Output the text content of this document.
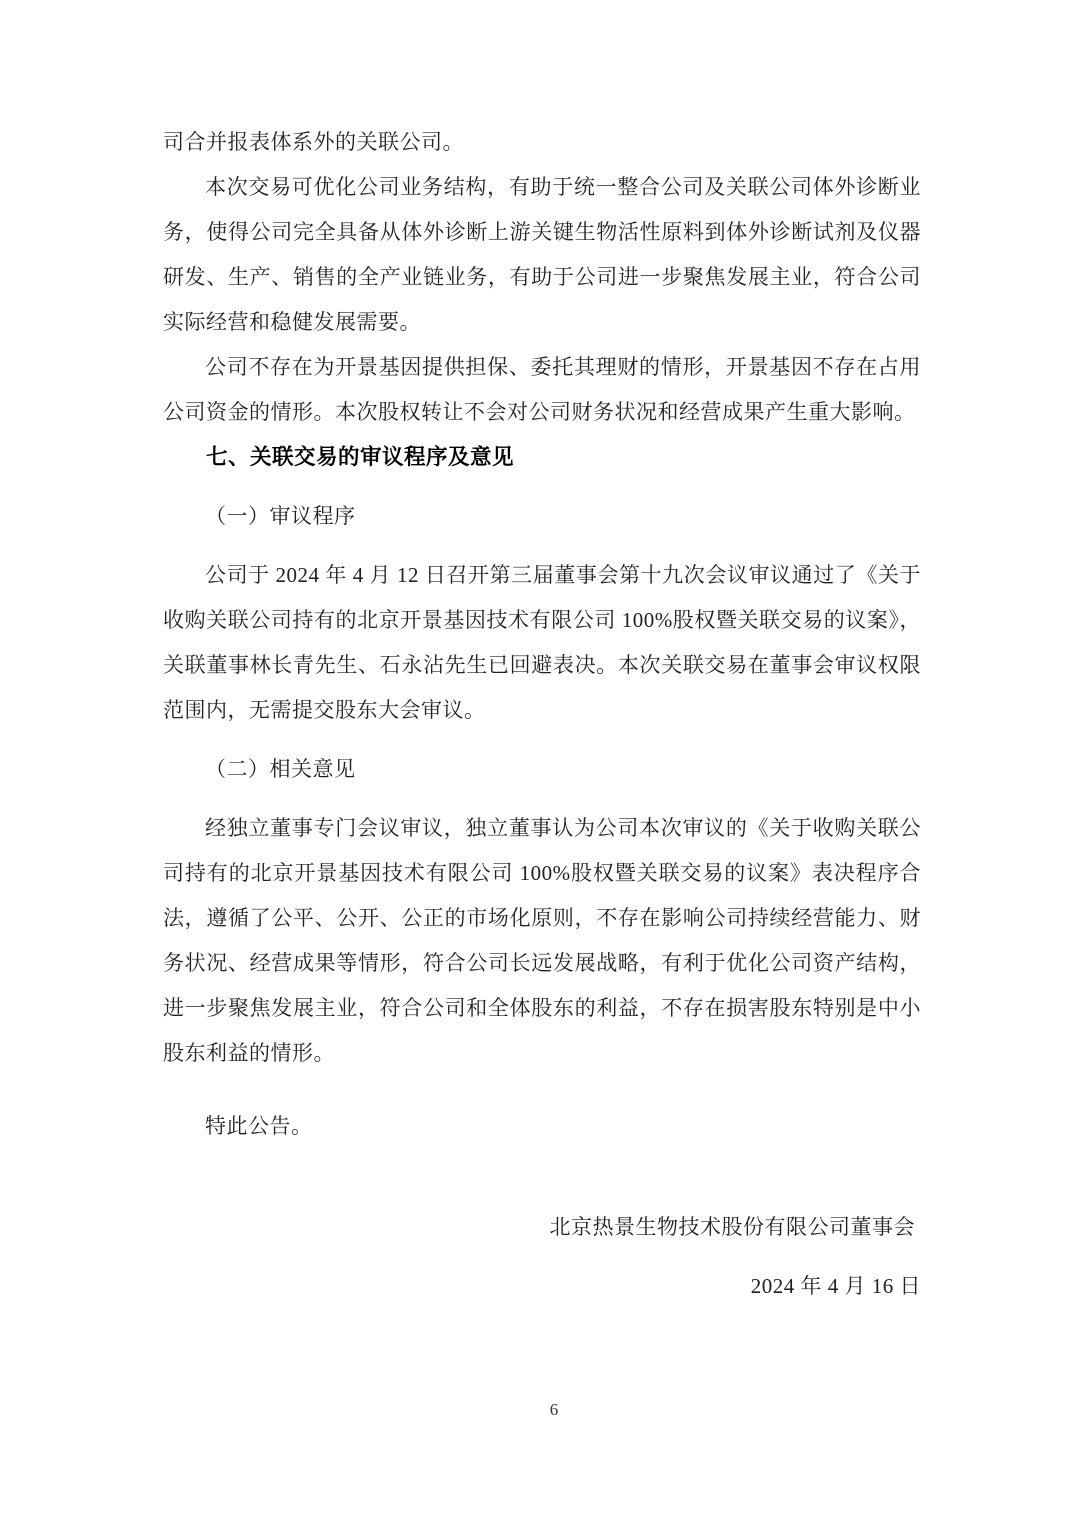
司合并报表体系外的关联公司。

本次交易可优化公司业务结构，有助于统一整合公司及关联公司体外诊断业务，使得公司完全具备从体外诊断上游关键生物活性原料到体外诊断试剂及仪器研发、生产、销售的全产业链业务，有助于公司进一步聚焦发展主业，符合公司实际经营和稳健发展需要。

公司不存在为开景基因提供担保、委托其理财的情形，开景基因不存在占用公司资金的情形。本次股权转让不会对公司财务状况和经营成果产生重大影响。

七、关联交易的审议程序及意见

（一）审议程序

公司于 2024 年 4 月 12 日召开第三届董事会第十九次会议审议通过了《关于收购关联公司持有的北京开景基因技术有限公司 100%股权暨关联交易的议案》，关联董事林长青先生、石永沾先生已回避表决。本次关联交易在董事会审议权限范围内，无需提交股东大会审议。

（二）相关意见

经独立董事专门会议审议，独立董事认为公司本次审议的《关于收购关联公司持有的北京开景基因技术有限公司 100%股权暨关联交易的议案》表决程序合法，遵循了公平、公开、公正的市场化原则，不存在影响公司持续经营能力、财务状况、经营成果等情形，符合公司长远发展战略，有利于优化公司资产结构，进一步聚焦发展主业，符合公司和全体股东的利益，不存在损害股东特别是中小股东利益的情形。

特此公告。

北京热景生物技术股份有限公司董事会
2024 年 4 月 16 日
6
